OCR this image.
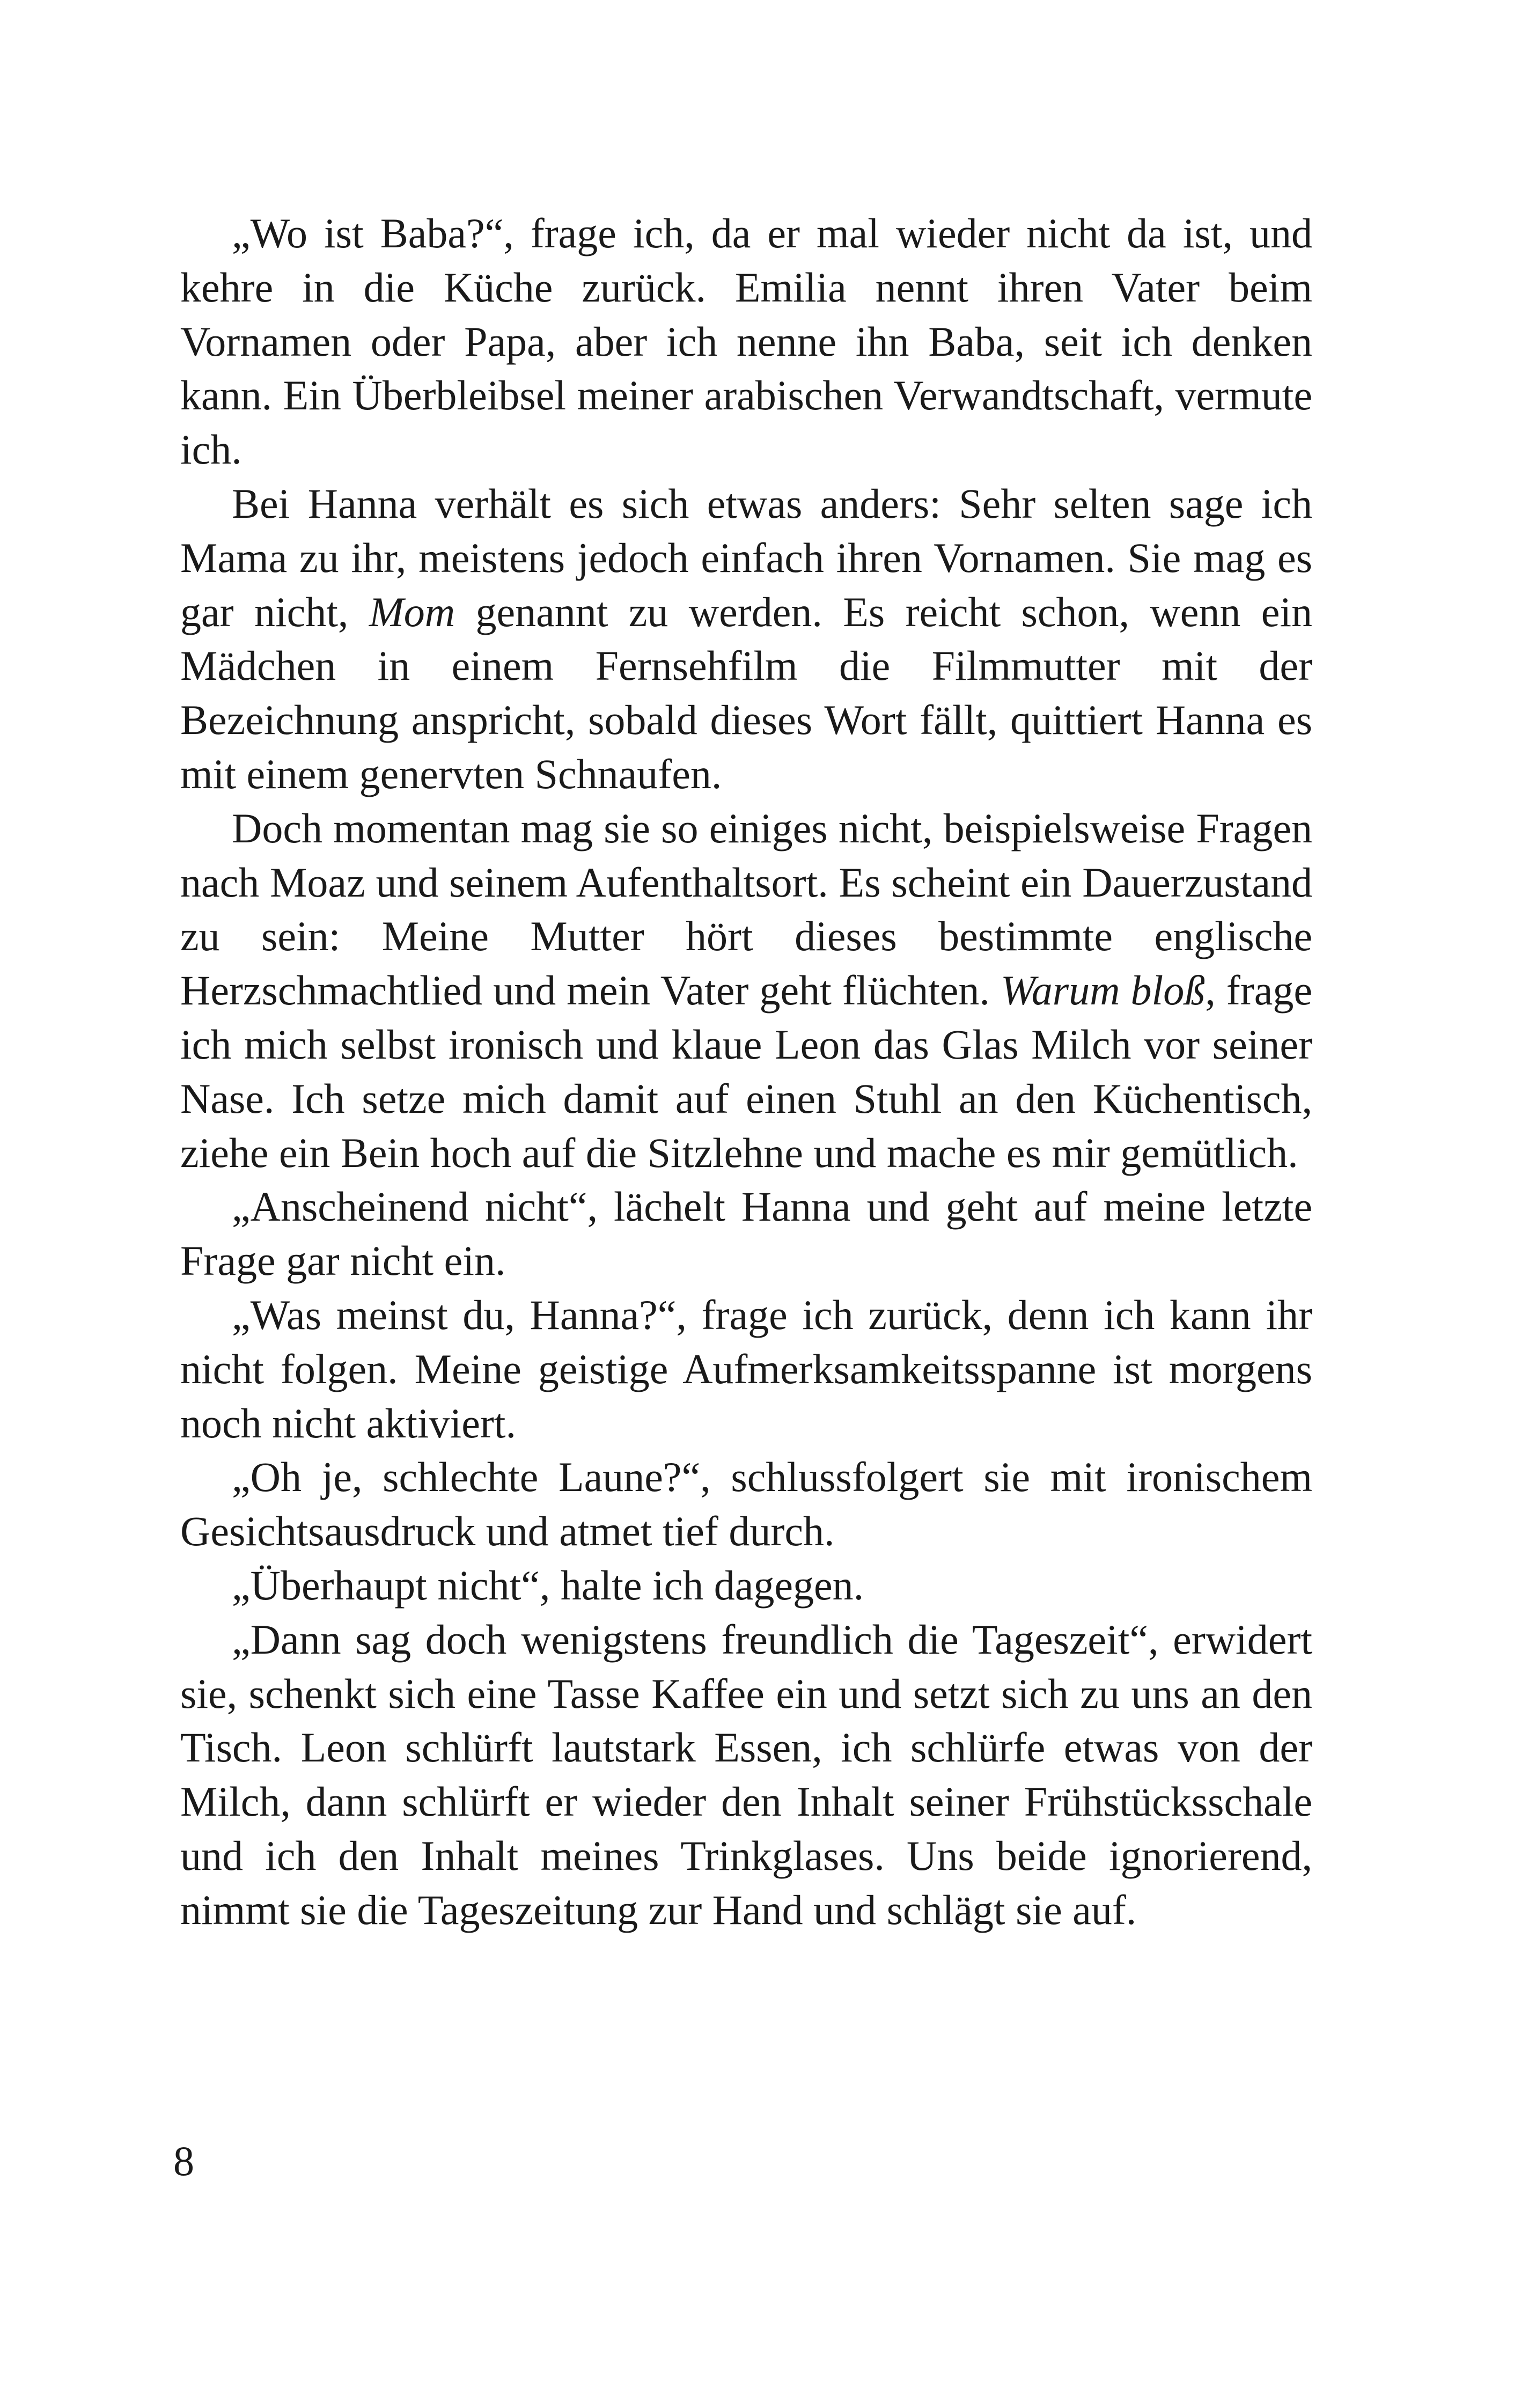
„Wo ist Baba?“, frage ich, da er mal wieder nicht da ist, und kehre in die Küche zurück. Emilia nennt ihren Vater beim Vornamen oder Papa, aber ich nenne ihn Baba, seit ich denken kann. Ein Überbleibsel meiner arabischen Verwandtschaft, vermute ich.

Bei Hanna verhält es sich etwas anders: Sehr selten sage ich Mama zu ihr, meistens jedoch einfach ihren Vornamen. Sie mag es gar nicht, Mom genannt zu werden. Es reicht schon, wenn ein Mädchen in einem Fernsehfilm die Filmmutter mit der Bezeichnung anspricht, sobald dieses Wort fällt, quittiert Hanna es mit einem genervten Schnaufen.

Doch momentan mag sie so einiges nicht, beispielsweise Fragen nach Moaz und seinem Aufenthaltsort. Es scheint ein Dauerzustand zu sein: Meine Mutter hört dieses bestimmte englische Herzschmachtlied und mein Vater geht flüchten. Warum bloß, frage ich mich selbst ironisch und klaue Leon das Glas Milch vor seiner Nase. Ich setze mich damit auf einen Stuhl an den Küchentisch, ziehe ein Bein hoch auf die Sitzlehne und mache es mir gemütlich.

„Anscheinend nicht“, lächelt Hanna und geht auf meine letzte Frage gar nicht ein.

„Was meinst du, Hanna?“, frage ich zurück, denn ich kann ihr nicht folgen. Meine geistige Aufmerksamkeitsspanne ist morgens noch nicht aktiviert.

„Oh je, schlechte Laune?“, schlussfolgert sie mit ironischem Gesichtsausdruck und atmet tief durch.

„Überhaupt nicht“, halte ich dagegen.

„Dann sag doch wenigstens freundlich die Tageszeit“, erwidert sie, schenkt sich eine Tasse Kaffee ein und setzt sich zu uns an den Tisch. Leon schlürft lautstark Essen, ich schlürfe etwas von der Milch, dann schlürft er wieder den Inhalt seiner Frühstücksschale und ich den Inhalt meines Trinkglases. Uns beide ignorierend, nimmt sie die Tageszeitung zur Hand und schlägt sie auf.

8
